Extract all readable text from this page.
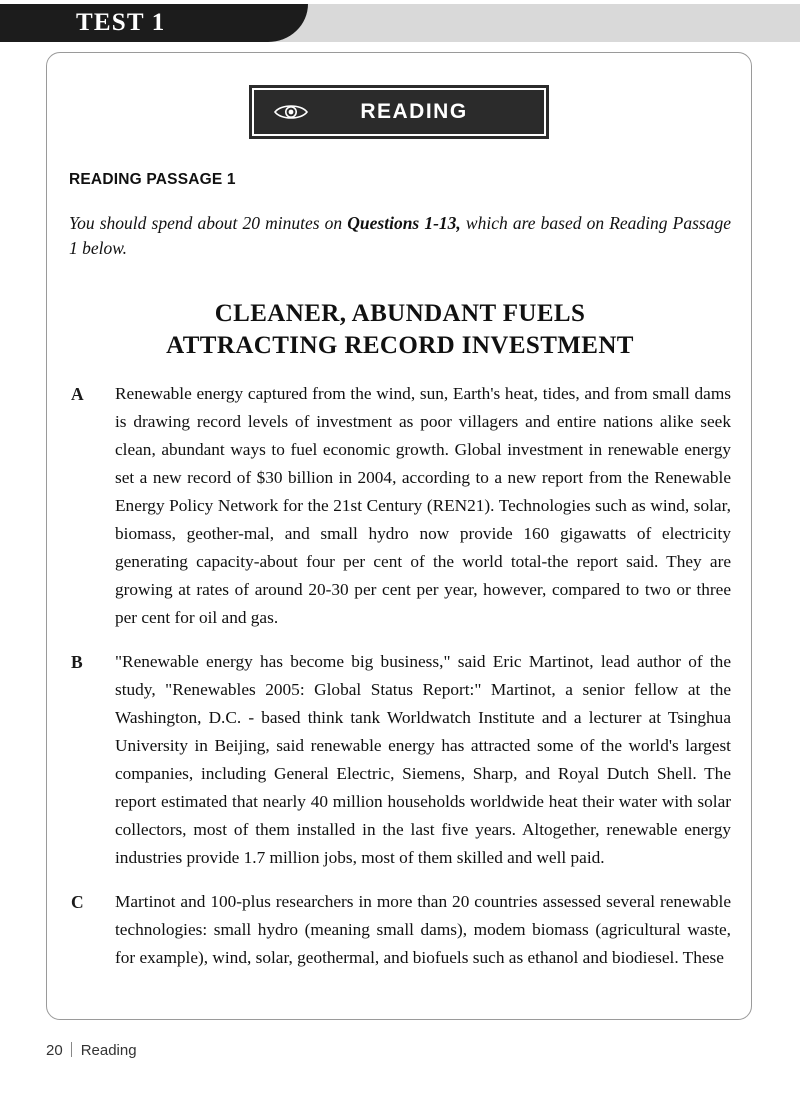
TEST 1
READING
READING PASSAGE 1

You should spend about 20 minutes on Questions 1-13, which are based on Reading Passage 1 below.

CLEANER, ABUNDANT FUELS
ATTRACTING RECORD INVESTMENT
A	Renewable energy captured from the wind, sun, Earth's heat, tides, and from small dams is drawing record levels of investment as poor villagers and entire nations alike seek clean, abundant ways to fuel economic growth. Global investment in renewable energy set a new record of $30 billion in 2004, according to a new report from the Renewable Energy Policy Network for the 21st Century (REN21). Technologies such as wind, solar, biomass, geother-mal, and small hydro now provide 160 gigawatts of electricity generating capacity-about four per cent of the world total-the report said. They are growing at rates of around 20-30 per cent per year, however, compared to two or three per cent for oil and gas.
B	"Renewable energy has become big business," said Eric Martinot, lead author of the study, "Renewables 2005: Global Status Report:" Martinot, a senior fellow at the Washington, D.C. - based think tank Worldwatch Institute and a lecturer at Tsinghua University in Beijing, said renewable energy has attracted some of the world's largest companies, including General Electric, Siemens, Sharp, and Royal Dutch Shell. The report estimated that nearly 40 million households worldwide heat their water with solar collectors, most of them installed in the last five years. Altogether, renewable energy industries provide 1.7 million jobs, most of them skilled and well paid.
C	Martinot and 100-plus researchers in more than 20 countries assessed several renewable technologies: small hydro (meaning small dams), modem biomass (agricultural waste, for example), wind, solar, geothermal, and biofuels such as ethanol and biodiesel. These
20 Reading
